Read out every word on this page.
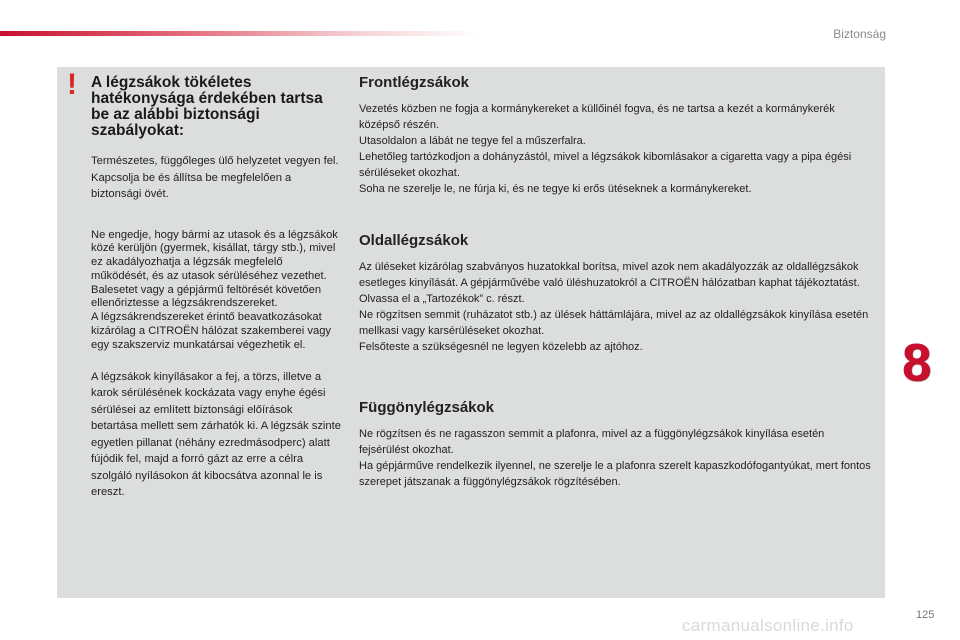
Biztonság
! A légzsákok tökéletes hatékonysága érdekében tartsa be az alábbi biztonsági szabályokat:

Természetes, függőleges ülő helyzetet vegyen fel.
Kapcsolja be és állítsa be megfelelően a biztonsági övét.

Ne engedje, hogy bármi az utasok és a légzsákok közé kerüljön (gyermek, kisállat, tárgy stb.), mivel ez akadályozhatja a légzsák megfelelő működését, és az utasok sérüléséhez vezethet.
Balesetet vagy a gépjármű feltörését követően ellenőriztesse a légzsákrendszereket.
A légzsákrendszereket érintő beavatkozásokat kizárólag a CITROËN hálózat szakemberei vagy egy szakszerviz munkatársai végezhetik el.

A légzsákok kinyílásakor a fej, a törzs, illetve a karok sérülésének kockázata vagy enyhe égési sérülései az említett biztonsági előírások betartása mellett sem zárhatók ki. A légzsák szinte egyetlen pillanat (néhány ezredmásodperc) alatt fújódik fel, majd a forró gázt az erre a célra szolgáló nyílásokon át kibocsátva azonnal le is ereszt.

Frontlégzsákok

Vezetés közben ne fogja a kormánykereket a küllőinél fogva, és ne tartsa a kezét a kormánykerék középső részén.
Utasoldalon a lábát ne tegye fel a műszerfalra.
Lehetőleg tartózkodjon a dohányzástól, mivel a légzsákok kibomlásakor a cigaretta vagy a pipa égési sérüléseket okozhat.
Soha ne szerelje le, ne fúrja ki, és ne tegye ki erős ütéseknek a kormánykereket.

Oldallégzsákok

Az üléseket kizárólag szabványos huzatokkal borítsa, mivel azok nem akadályozzák az oldallégzsákok esetleges kinyílását. A gépjárművébe való üléshuzatokról a CITROËN hálózatban kaphat tájékoztatást.
Olvassa el a „Tartozékok” c. részt.
Ne rögzítsen semmit (ruházatot stb.) az ülések háttámlájára, mivel az az oldallégzsákok kinyílása esetén mellkasi vagy karsérüléseket okozhat.
Felsőteste a szükségesnél ne legyen közelebb az ajtóhoz.

Függönylégzsákok

Ne rögzítsen és ne ragasszon semmit a plafonra, mivel az a függönylégzsákok kinyílása esetén fejsérülést okozhat.
Ha gépjárműve rendelkezik ilyennel, ne szerelje le a plafonra szerelt kapaszkodófogantyúkat, mert fontos szerepet játszanak a függönylégzsákok rögzítésében.

8
125
carmanualsonline.info
